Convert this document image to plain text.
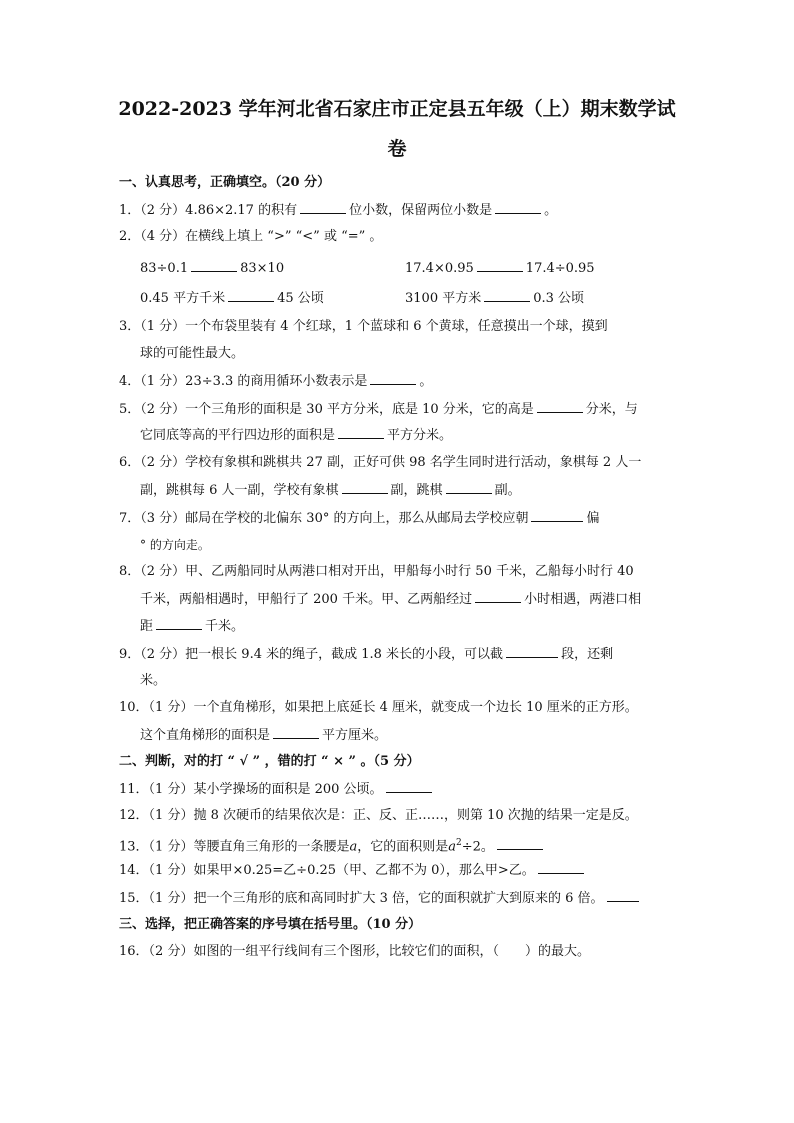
2022-2023 学年河北省石家庄市正定县五年级（上）期末数学试
卷
一、认真思考，正确填空。（20 分）
1．（2 分）4.86×2.17 的积有	位小数，保留两位小数是	。
2．（4 分）在横线上填上 “>” “<” 或 “=” 。
83÷0.1	83×10	17.4×0.95	17.4÷0.95
0.45 平方千米	45 公顷	3100 平方米	0.3 公顷
3．（1 分）一个布袋里装有 4 个红球，1 个蓝球和 6 个黄球，任意摸出一个球，摸到
球的可能性最大。
4．（1 分）23÷3.3 的商用循环小数表示是	。
5．（2 分）一个三角形的面积是 30 平方分米，底是 10 分米，它的高是	分米，与
它同底等高的平行四边形的面积是	平方分米。
6．（2 分）学校有象棋和跳棋共 27 副，正好可供 98 名学生同时进行活动，象棋每 2 人一
副，跳棋每 6 人一副，学校有象棋	副，跳棋	副。
7．（3 分）邮局在学校的北偏东 30° 的方向上，那么从邮局去学校应朝	偏
° 的方向走。
8．（2 分）甲、乙两船同时从两港口相对开出，甲船每小时行 50 千米，乙船每小时行 40
千米，两船相遇时，甲船行了 200 千米。甲、乙两船经过	小时相遇，两港口相
距	千米。
9．（2 分）把一根长 9.4 米的绳子，截成 1.8 米长的小段，可以截	段，还剩
米。
10．（1 分）一个直角梯形，如果把上底延长 4 厘米，就变成一个边长 10 厘米的正方形。
这个直角梯形的面积是	平方厘米。
二、判断，对的打 “ √ ” ，错的打 “ × ” 。（5 分）
11．（1 分）某小学操场的面积是 200 公顷。
12．（1 分）抛 8 次硬币的结果依次是：正、反、正……，则第 10 次抛的结果一定是反。
13．（1 分）等腰直角三角形的一条腰是a，它的面积则是$a^2\div 2$。
14．（1 分）如果甲×0.25=乙÷0.25（甲、乙都不为 0），那么甲>乙。
15．（1 分）把一个三角形的底和高同时扩大 3 倍，它的面积就扩大到原来的 6 倍。
三、选择，把正确答案的序号填在括号里。（10 分）
16．（2 分）如图的一组平行线间有三个图形，比较它们的面积，（　　）的最大。
